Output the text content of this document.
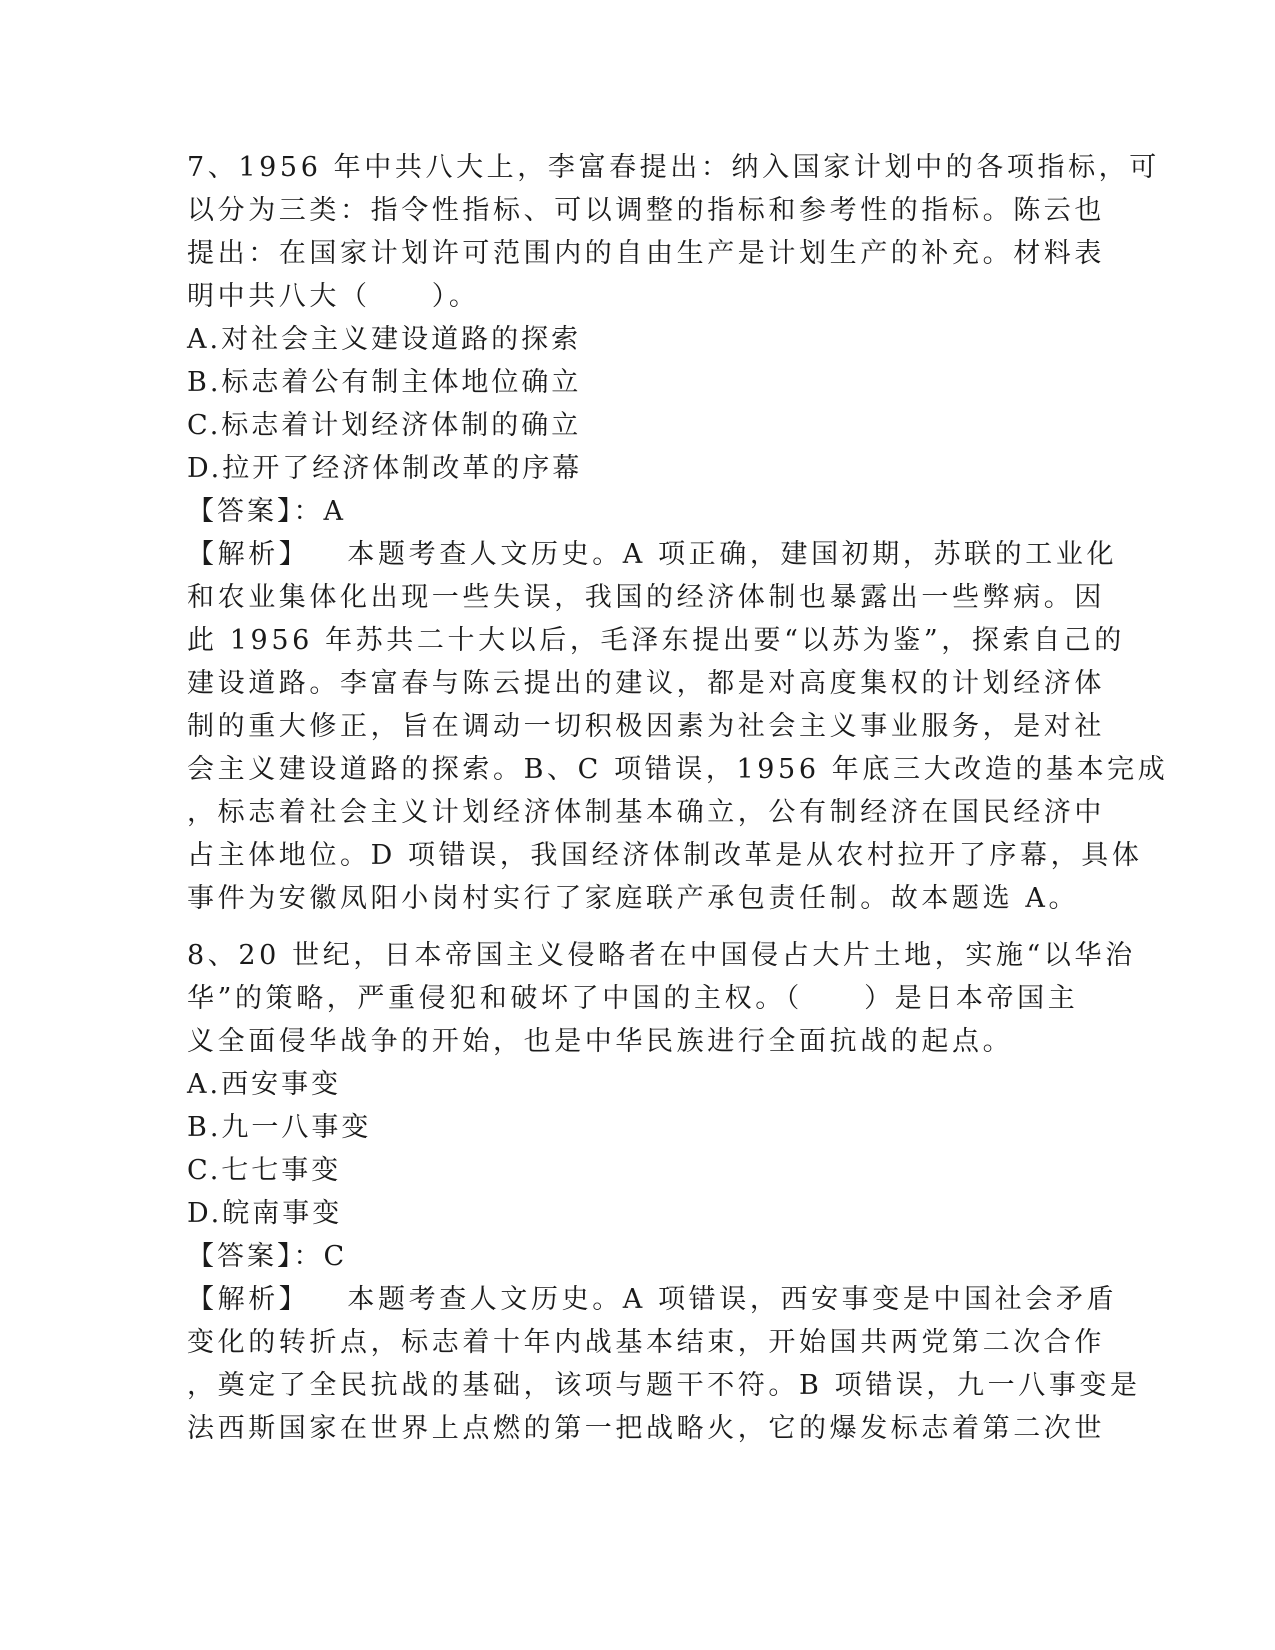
7、1956 年中共八大上，李富春提出：纳入国家计划中的各项指标，可

以分为三类：指令性指标、可以调整的指标和参考性的指标。陈云也

提出：在国家计划许可范围内的自由生产是计划生产的补充。材料表

明中共八大（　　）。

A.对社会主义建设道路的探索

B.标志着公有制主体地位确立

C.标志着计划经济体制的确立

D.拉开了经济体制改革的序幕

【答案】：A

【解析】 本题考查人文历史。A 项正确，建国初期，苏联的工业化

和农业集体化出现一些失误，我国的经济体制也暴露出一些弊病。因

此 1956 年苏共二十大以后，毛泽东提出要“以苏为鉴”，探索自己的

建设道路。李富春与陈云提出的建议，都是对高度集权的计划经济体

制的重大修正，旨在调动一切积极因素为社会主义事业服务，是对社

会主义建设道路的探索。B、C 项错误，1956 年底三大改造的基本完成

，标志着社会主义计划经济体制基本确立，公有制经济在国民经济中

占主体地位。D 项错误，我国经济体制改革是从农村拉开了序幕，具体

事件为安徽凤阳小岗村实行了家庭联产承包责任制。故本题选 A。

8、20 世纪，日本帝国主义侵略者在中国侵占大片土地，实施“以华治

华”的策略，严重侵犯和破坏了中国的主权。（　　）是日本帝国主

义全面侵华战争的开始，也是中华民族进行全面抗战的起点。

A.西安事变

B.九一八事变

C.七七事变

D.皖南事变

【答案】：C

【解析】 本题考查人文历史。A 项错误，西安事变是中国社会矛盾

变化的转折点，标志着十年内战基本结束，开始国共两党第二次合作

，奠定了全民抗战的基础，该项与题干不符。B 项错误，九一八事变是

法西斯国家在世界上点燃的第一把战略火，它的爆发标志着第二次世
